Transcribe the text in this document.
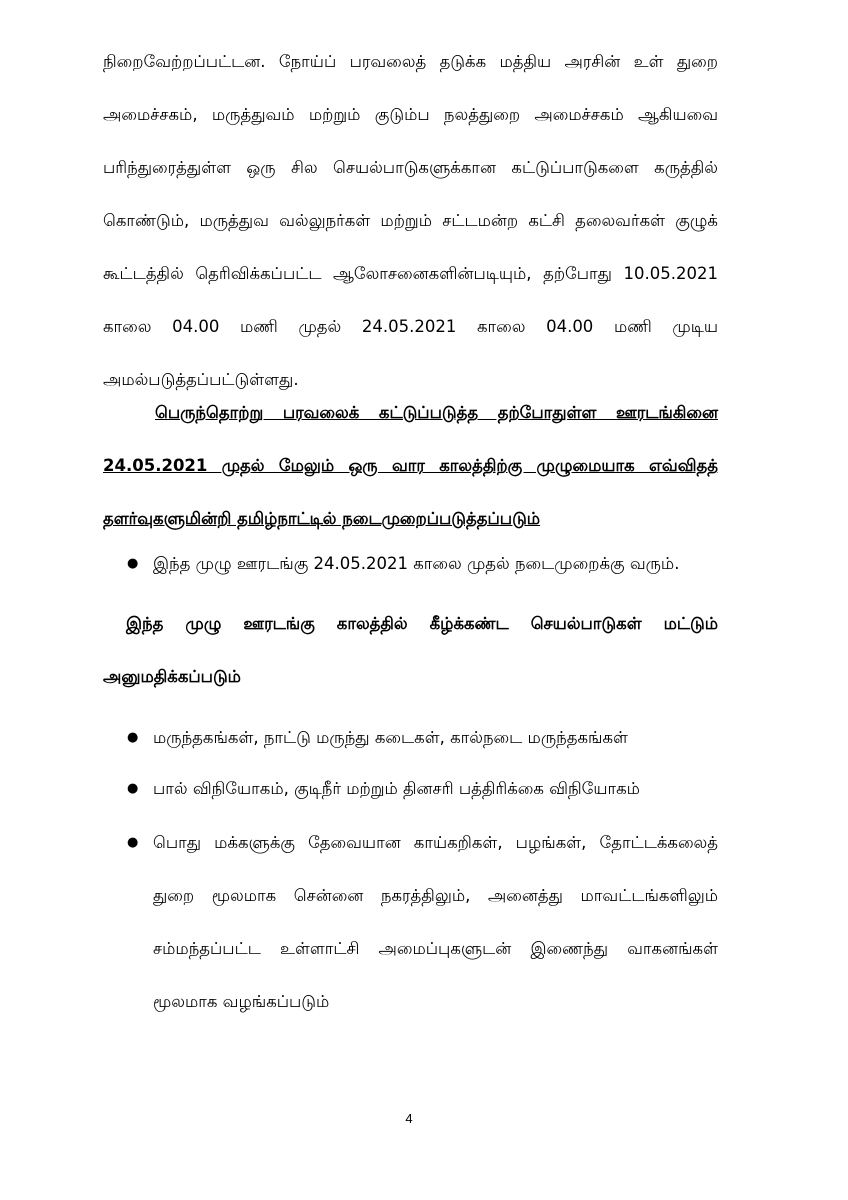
நிறைவேற்றப்பட்டன. நோய்ப் பரவலைத் தடுக்க மத்திய அரசின் உள் துறை அமைச்சகம், மருத்துவம் மற்றும் குடும்ப நலத்துறை அமைச்சகம் ஆகியவை பரிந்துரைத்துள்ள ஒரு சில செயல்பாடுகளுக்கான கட்டுப்பாடுகளை கருத்தில் கொண்டும், மருத்துவ வல்லுநர்கள் மற்றும் சட்டமன்ற கட்சி தலைவர்கள் குழுக் கூட்டத்தில் தெரிவிக்கப்பட்ட ஆலோசனைகளின்படியும், தற்போது 10.05.2021 காலை 04.00 மணி முதல் 24.05.2021 காலை 04.00 மணி முடிய அமல்படுத்தப்பட்டுள்ளது.
பெருந்தொற்று பரவலைக் கட்டுப்படுத்த தற்போதுள்ள ஊரடங்கினை 24.05.2021 முதல் மேலும் ஒரு வார காலத்திற்கு முழுமையாக எவ்விதத் தளர்வுகளுமின்றி தமிழ்நாட்டில் நடைமுறைப்படுத்தப்படும்
● இந்த முழு ஊரடங்கு 24.05.2021 காலை முதல் நடைமுறைக்கு வரும்.
இந்த முழு ஊரடங்கு காலத்தில் கீழ்க்கண்ட செயல்பாடுகள் மட்டும் அனுமதிக்கப்படும்
● மருந்தகங்கள், நாட்டு மருந்து கடைகள், கால்நடை மருந்தகங்கள்
● பால் விநியோகம், குடிநீர் மற்றும் தினசரி பத்திரிக்கை விநியோகம்
● பொது மக்களுக்கு தேவையான காய்கறிகள், பழங்கள், தோட்டக்கலைத் துறை மூலமாக சென்னை நகரத்திலும், அனைத்து மாவட்டங்களிலும் சம்மந்தப்பட்ட உள்ளாட்சி அமைப்புகளுடன் இணைந்து வாகனங்கள் மூலமாக வழங்கப்படும்
4
